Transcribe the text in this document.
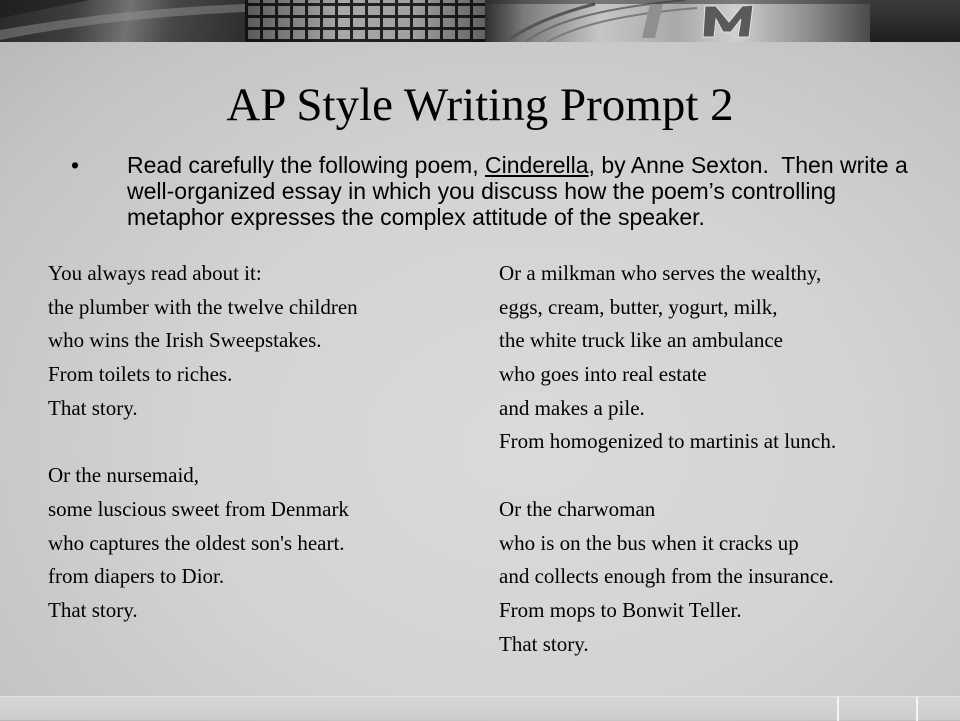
AP Style Writing Prompt 2
• Read carefully the following poem, Cinderella, by Anne Sexton.  Then write a
well-organized essay in which you discuss how the poem’s controlling
metaphor expresses the complex attitude of the speaker.
You always read about it:
the plumber with the twelve children
who wins the Irish Sweepstakes.
From toilets to riches.
That story.
Or the nursemaid,
some luscious sweet from Denmark
who captures the oldest son's heart.
from diapers to Dior.
That story.
Or a milkman who serves the wealthy,
eggs, cream, butter, yogurt, milk,
the white truck like an ambulance
who goes into real estate
and makes a pile.
From homogenized to martinis at lunch.
Or the charwoman
who is on the bus when it cracks up
and collects enough from the insurance.
From mops to Bonwit Teller.
That story.
